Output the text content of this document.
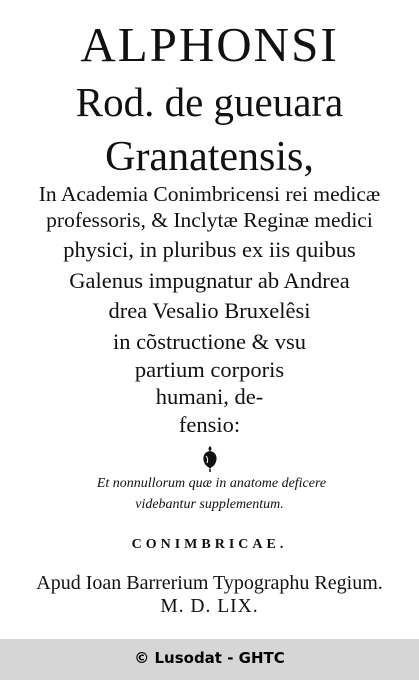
ALPHONSI
Rod. de gueuara
Granatensis,
In Academia Conimbricensi rei medicæ
professoris, & Inclytæ Reginæ medici
physici, in pluribus ex iis quibus
Galenus impugnatur ab Andrea
drea Vesalio Bruxelêsi
in cõstructione & vsu
partium corporis
humani, de-
fensio:
Et nonnullorum quæ in anatome deficere
videbantur supplementum.
CONIMBRICAE.
Apud Ioan Barrerium Typographu Regium.
M. D. LIX.
© Lusodat - GHTC
